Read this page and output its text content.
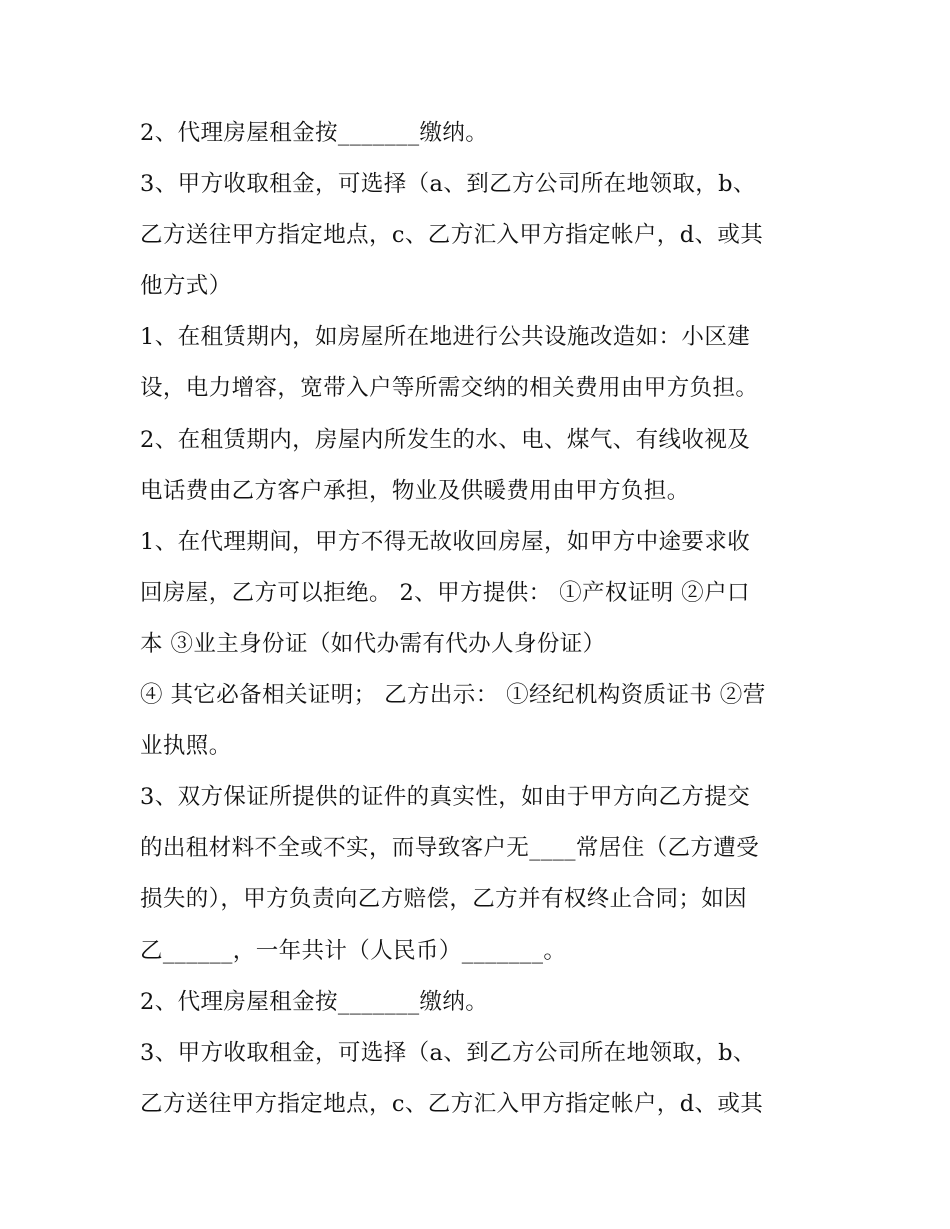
2、代理房屋租金按_______缴纳。
3、甲方收取租金，可选择（a、到乙方公司所在地领取，b、
乙方送往甲方指定地点，c、乙方汇入甲方指定帐户，d、或其
他方式）
1、在租赁期内，如房屋所在地进行公共设施改造如：小区建
设，电力增容，宽带入户等所需交纳的相关费用由甲方负担。
2、在租赁期内，房屋内所发生的水、电、煤气、有线收视及
电话费由乙方客户承担，物业及供暖费用由甲方负担。
1、在代理期间，甲方不得无故收回房屋，如甲方中途要求收
回房屋，乙方可以拒绝。 2、甲方提供： ①产权证明 ②户口
本 ③业主身份证（如代办需有代办人身份证）
④ 其它必备相关证明； 乙方出示： ①经纪机构资质证书 ②营
业执照。
3、双方保证所提供的证件的真实性，如由于甲方向乙方提交
的出租材料不全或不实，而导致客户无____常居住（乙方遭受
损失的），甲方负责向乙方赔偿，乙方并有权终止合同；如因
乙______，一年共计（人民币）_______。
2、代理房屋租金按_______缴纳。
3、甲方收取租金，可选择（a、到乙方公司所在地领取，b、
乙方送往甲方指定地点，c、乙方汇入甲方指定帐户，d、或其
